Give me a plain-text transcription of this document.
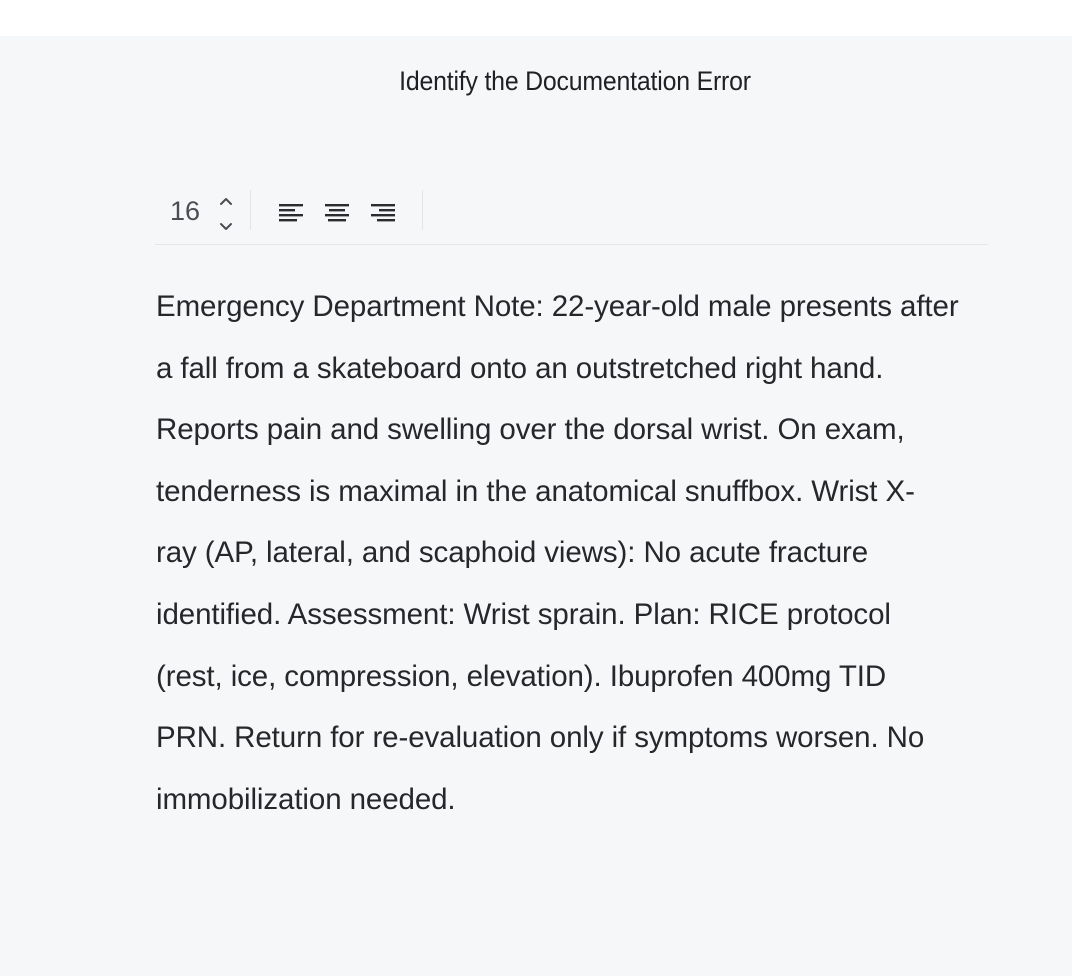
Identify the Documentation Error
16
Emergency Department Note: 22-year-old male presents after
a fall from a skateboard onto an outstretched right hand.
Reports pain and swelling over the dorsal wrist. On exam,
tenderness is maximal in the anatomical snuffbox. Wrist X-
ray (AP, lateral, and scaphoid views): No acute fracture
identified. Assessment: Wrist sprain. Plan: RICE protocol
(rest, ice, compression, elevation). Ibuprofen 400mg TID
PRN. Return for re-evaluation only if symptoms worsen. No
immobilization needed.
